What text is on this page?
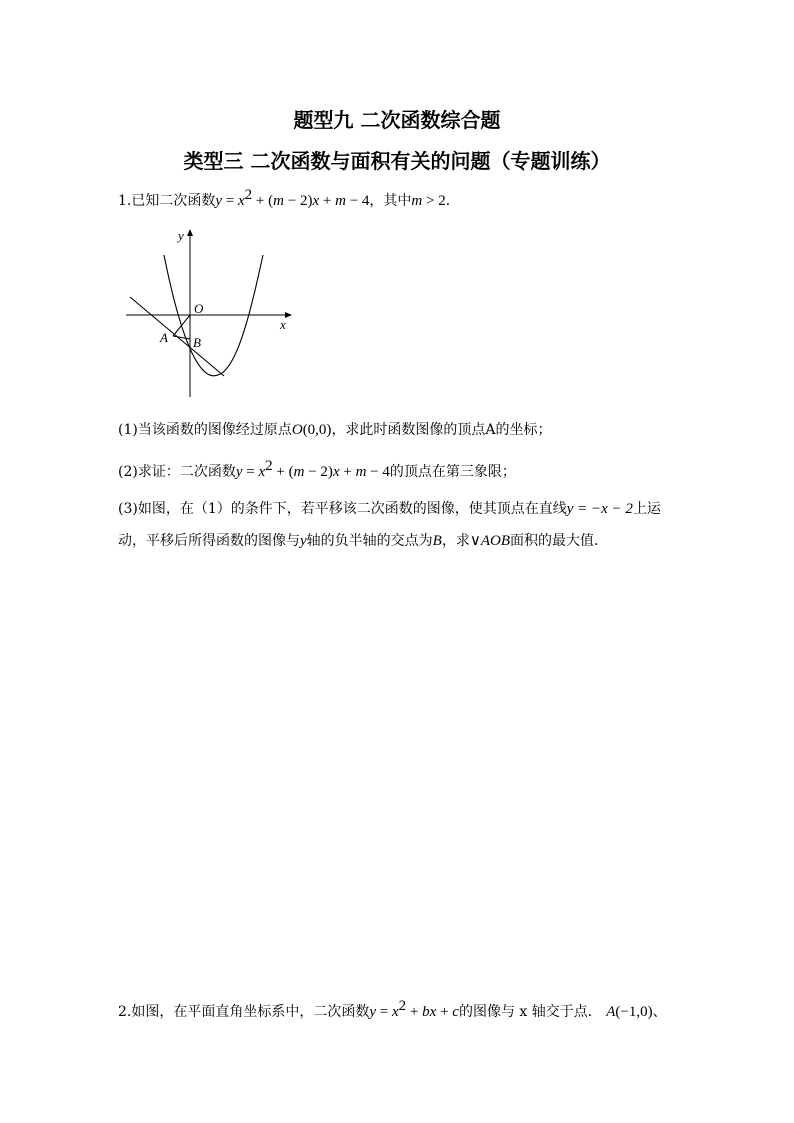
题型九 二次函数综合题
类型三 二次函数与面积有关的问题（专题训练）
1.已知二次函数$y = x^2 + (m - 2)x + m - 4$，其中m > 2．
y
x
O
A B
(1)当该函数的图像经过原点O(0,0)，求此时函数图像的顶点A的坐标；
(2)求证：二次函数$y = x^2 + (m - 2)x + m - 4$的顶点在第三象限；
(3)如图，在（1）的条件下，若平移该二次函数的图像，使其顶点在直线y = −x − 2上运
动，平移后所得函数的图像与y轴的负半轴的交点为B，求∨AOB面积的最大值．
2.如图，在平面直角坐标系中，二次函数$y = x^2$ + bx + c的图像与 x 轴交于点． A(−1,0)、
